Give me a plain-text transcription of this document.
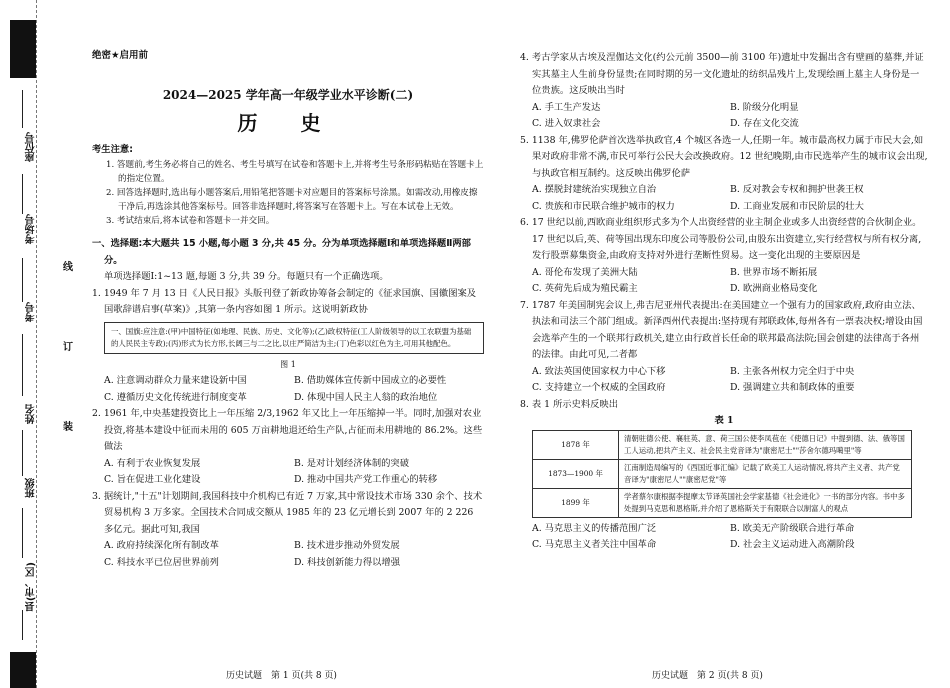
座位号
考场号
考号
姓名
班级
县(市、区)
线
订
装
绝密★启用前
2024—2025 学年高一年级学业水平诊断(二)
历 史
考生注意:
1. 答题前,考生务必将自己的姓名、考生号填写在试卷和答题卡上,并将考生号条形码粘贴在答题卡上的指定位置。
2. 回答选择题时,选出每小题答案后,用铅笔把答题卡对应题目的答案标号涂黑。如需改动,用橡皮擦干净后,再选涂其他答案标号。回答非选择题时,将答案写在答题卡上。写在本试卷上无效。
3. 考试结束后,将本试卷和答题卡一并交回。
一、选择题:本大题共 15 小题,每小题 3 分,共 45 分。分为单项选择题Ⅰ和单项选择题Ⅱ两部分。
单项选择题Ⅰ:1~13 题,每题 3 分,共 39 分。每题只有一个正确选项。
1. 1949 年 7 月 13 日《人民日报》头版刊登了新政协筹备会制定的《征求国旗、国徽图案及国歌辞谱启事(草案)》,其第一条内容如图 1 所示。这说明新政协
一、国旗:应注意:(甲)中国特征(如地理、民族、历史、文化等);(乙)政权特征(工人阶级领导的以工农联盟为基础的人民民主专政);(丙)形式为长方形,长阔三与二之比,以庄严简洁为主;(丁)色彩以红色为主,可用其他配色。
图 1
A. 注意调动群众力量来建设新中国	B. 借助媒体宣传新中国成立的必要性
C. 遵循历史文化传统进行制度变革	D. 体现中国人民主人翁的政治地位
2. 1961 年,中央基建投资比上一年压缩 2/3,1962 年又比上一年压缩掉一半。同时,加强对农业投资,将基本建设中征而未用的 605 万亩耕地退还给生产队,占征而未用耕地的 86.2%。这些做法
A. 有利于农业恢复发展	B. 是对计划经济体制的突破
C. 旨在促进工业化建设	D. 推动中国共产党工作重心的转移
3. 据统计,"十五"计划期间,我国科技中介机构已有近 7 万家,其中常设技术市场 330 余个、技术贸易机构 3 万多家。全国技术合同成交额从 1985 年的 23 亿元增长到 2007 年的 2 226 多亿元。据此可知,我国
A. 政府持续深化所有制改革	B. 技术进步推动外贸发展
C. 科技水平已位居世界前列	D. 科技创新能力得以增强
4. 考古学家从古埃及涅伽达文化(约公元前 3500—前 3100 年)遗址中发掘出含有壁画的墓葬,并证实其墓主人生前身份显贵;在同时期的另一文化遗址的纺织品残片上,发现绘画上墓主人身份是一位贵族。这反映出当时
A. 手工生产发达	B. 阶级分化明显
C. 进入奴隶社会	D. 存在文化交流
5. 1138 年,佛罗伦萨首次选举执政官,4 个城区各选一人,任期一年。城市最高权力属于市民大会,如果对政府非常不满,市民可举行公民大会改换政府。12 世纪晚期,由市民选举产生的城市议会出现,与执政官相互制约。这反映出佛罗伦萨
A. 摆脱封建统治实现独立自治	B. 反对教会专权和拥护世袭王权
C. 贵族和市民联合维护城市的权力	D. 工商业发展和市民阶层的壮大
6. 17 世纪以前,西欧商业组织形式多为个人出资经营的业主制企业或多人出资经营的合伙制企业。17 世纪以后,英、荷等国出现东印度公司等股份公司,由股东出资建立,实行经营权与所有权分离,发行股票募集资金,由政府支持对外进行垄断性贸易。这一变化出现的主要原因是
A. 哥伦布发现了美洲大陆	B. 世界市场不断拓展
C. 英荷先后成为殖民霸主	D. 欧洲商业格局变化
7. 1787 年美国制宪会议上,弗吉尼亚州代表提出:在美国建立一个强有力的国家政府,政府由立法、执法和司法三个部门组成。新泽西州代表提出:坚持现有邦联政体,每州各有一票表决权;增设由国会选举产生的一个联邦行政机关,建立由行政首长任命的联邦最高法院;国会创建的法律高于各州的法律。由此可见,二者都
A. 致法英国使国家权力中心下移	B. 主张各州权力完全归于中央
C. 支持建立一个权威的全国政府	D. 强调建立共和制政体的重要
8. 表 1 所示史料反映出
表 1
1878 年	清朝驻德公使、襄驻英、意、荷三国公使李凤苞在《使德日记》中提到德、法、俄等国工人运动,把共产主义、社会民主党音译为"康密尼士""莎舍尔德玛噶里"等
1873—1900 年	江南制造局编写的《西国近事汇编》记载了欧美工人运动情况,将共产主义者、共产党音译为"康密尼人""康密尼党"等
1899 年	学者蔡尔康根据李提摩太节译英国社会学家基德《社会进化》一书的部分内容。书中多处提到马克思和恩格斯,并介绍了恩格斯关于有限联合以制富人的观点
A. 马克思主义的传播范围广泛	B. 欧美无产阶级联合进行革命
C. 马克思主义者关注中国革命	D. 社会主义运动进入高潮阶段
历史试题　第 1 页(共 8 页)	历史试题　第 2 页(共 8 页)
